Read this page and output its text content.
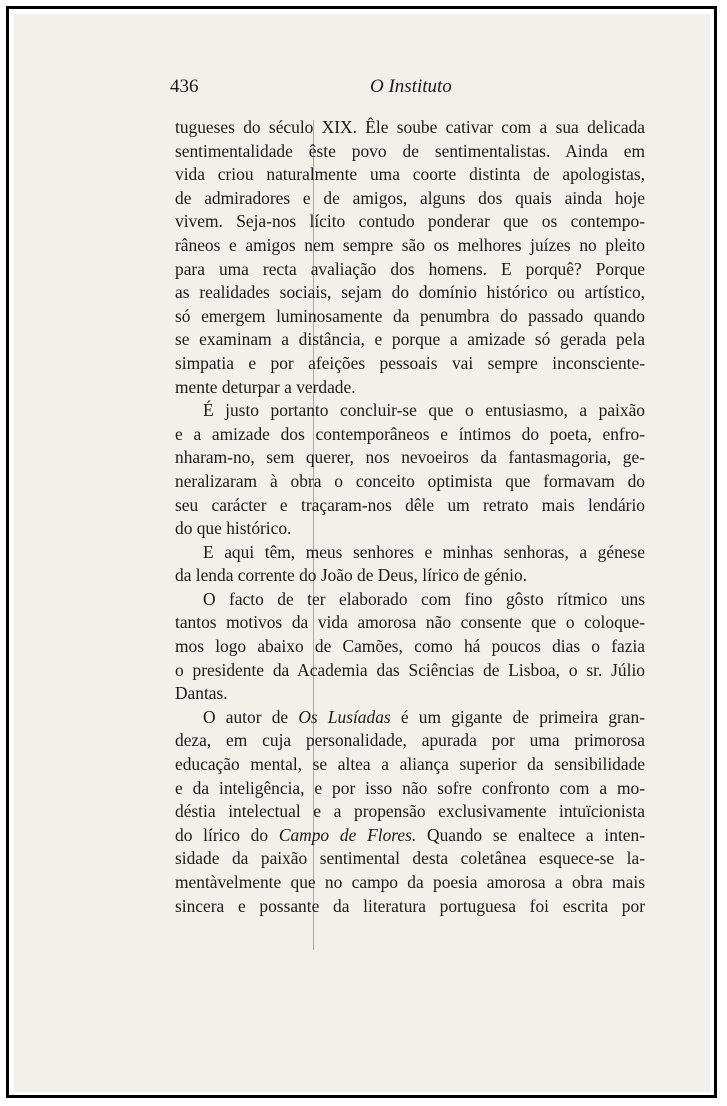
436	O Instituto
tugueses do século XIX. Êle soube cativar com a sua delicada
sentimentalidade êste povo de sentimentalistas. Ainda em
vida criou naturalmente uma coorte distinta de apologistas,
de admiradores e de amigos, alguns dos quais ainda hoje
vivem. Seja-nos lícito contudo ponderar que os contempo-
râneos e amigos nem sempre são os melhores juízes no pleito
para uma recta avaliação dos homens. E porquê? Porque
as realidades sociais, sejam do domínio histórico ou artístico,
só emergem luminosamente da penumbra do passado quando
se examinam a distância, e porque a amizade só gerada pela
simpatia e por afeições pessoais vai sempre inconsciente-
mente deturpar a verdade.
É justo portanto concluir-se que o entusiasmo, a paixão
e a amizade dos contemporâneos e íntimos do poeta, enfro-
nharam-no, sem querer, nos nevoeiros da fantasmagoria, ge-
neralizaram à obra o conceito optimista que formavam do
seu carácter e traçaram-nos dêle um retrato mais lendário
do que histórico.
E aqui têm, meus senhores e minhas senhoras, a génese
da lenda corrente do João de Deus, lírico de génio.
O facto de ter elaborado com fino gôsto rítmico uns
tantos motivos da vida amorosa não consente que o coloque-
mos logo abaixo de Camões, como há poucos dias o fazia
o presidente da Academia das Sciências de Lisboa, o sr. Júlio
Dantas.
O autor de Os Lusíadas é um gigante de primeira gran-
deza, em cuja personalidade, apurada por uma primorosa
educação mental, se altea a aliança superior da sensibilidade
e da inteligência, e por isso não sofre confronto com a mo-
déstia intelectual e a propensão exclusivamente intuïcionista
do lírico do Campo de Flores. Quando se enaltece a inten-
sidade da paixão sentimental desta coletânea esquece-se la-
mentàvelmente que no campo da poesia amorosa a obra mais
sincera e possante da literatura portuguesa foi escrita por
